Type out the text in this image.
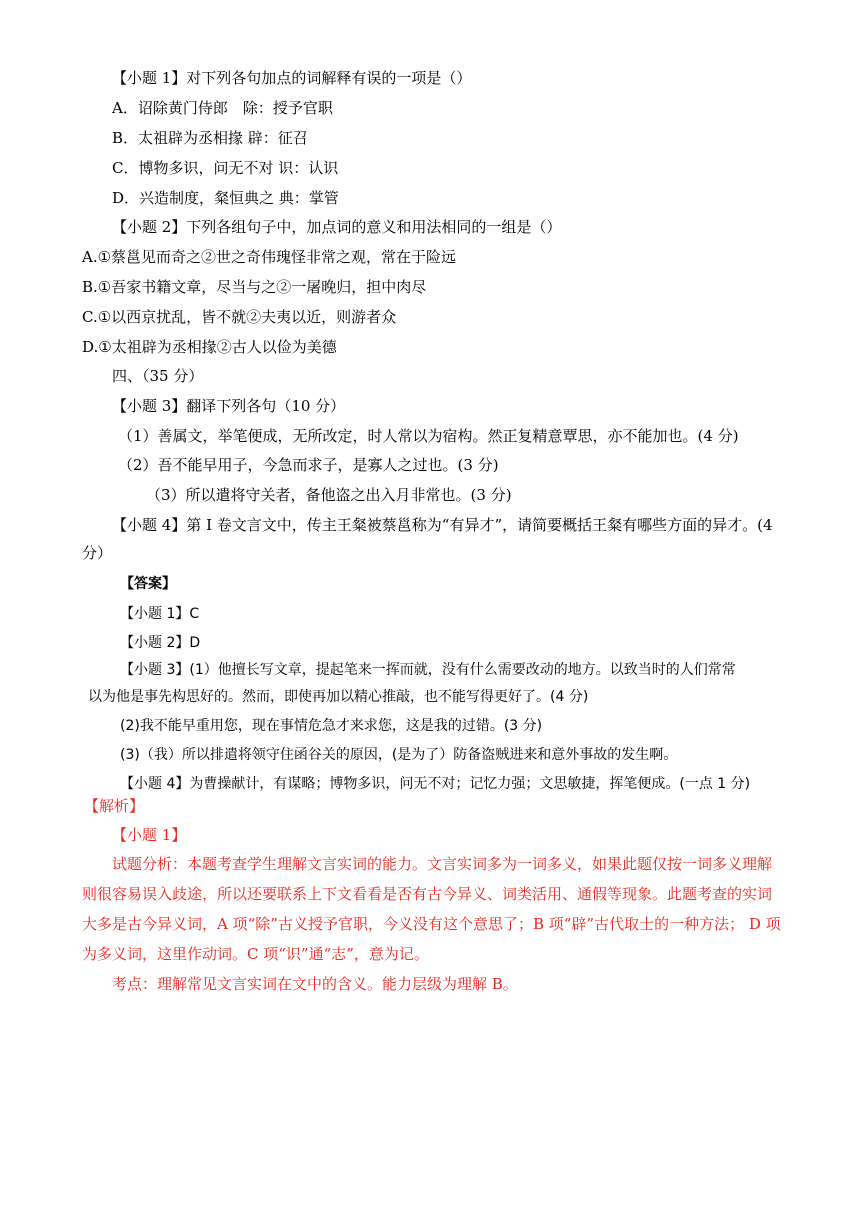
【小题 1】对下列各句加点的词解释有误的一项是（）
A．诏除黄门侍郎　除：授予官职
B．太祖辟为丞相掾 辟：征召
C．博物多识，问无不对 识：认识
D．兴造制度，粲恒典之 典：掌管
【小题 2】下列各组句子中，加点词的意义和用法相同的一组是（）
A.①蔡邕见而奇之②世之奇伟瑰怪非常之观，常在于险远
B.①吾家书籍文章，尽当与之②一屠晚归，担中肉尽
C.①以西京扰乱，皆不就②夫夷以近，则游者众
D.①太祖辟为丞相掾②古人以俭为美德
四、（35 分）
【小题 3】翻译下列各句（10 分）
（1）善属文，举笔便成，无所改定，时人常以为宿构。然正复精意覃思，亦不能加也。(4 分)
（2）吾不能早用子，今急而求子，是寡人之过也。(3 分)
（3）所以遣将守关者，备他盗之出入月非常也。(3 分)
【小题 4】第 I 卷文言文中，传主王粲被蔡邕称为“有异才”，请简要概括王粲有哪些方面的异才。(4
分）
【答案】
【小题 1】C
【小题 2】D
【小题 3】(1）他擅长写文章，提起笔来一挥而就，没有什么需要改动的地方。以致当时的人们常常
以为他是事先构思好的。然而，即使再加以精心推敲，也不能写得更好了。(4 分)
(2)我不能早重用您，现在事情危急才来求您，这是我的过错。(3 分)
(3)（我）所以排遣将领守住函谷关的原因，(是为了）防备盗贼进来和意外事故的发生啊。
【小题 4】为曹操献计，有谋略；博物多识，问无不对；记忆力强；文思敏捷，挥笔便成。(一点 1 分)
【解析】
【小题 1】
试题分析：本题考查学生理解文言实词的能力。文言实词多为一词多义，如果此题仅按一词多义理解
则很容易误入歧途，所以还要联系上下文看看是否有古今异义、词类活用、通假等现象。此题考查的实词
大多是古今异义词，A 项“除”古义授予官职，今义没有这个意思了；B 项“辟”古代取士的一种方法； D 项
为多义词，这里作动词。C 项“识”通“志”，意为记。
考点：理解常见文言实词在文中的含义。能力层级为理解 B。
